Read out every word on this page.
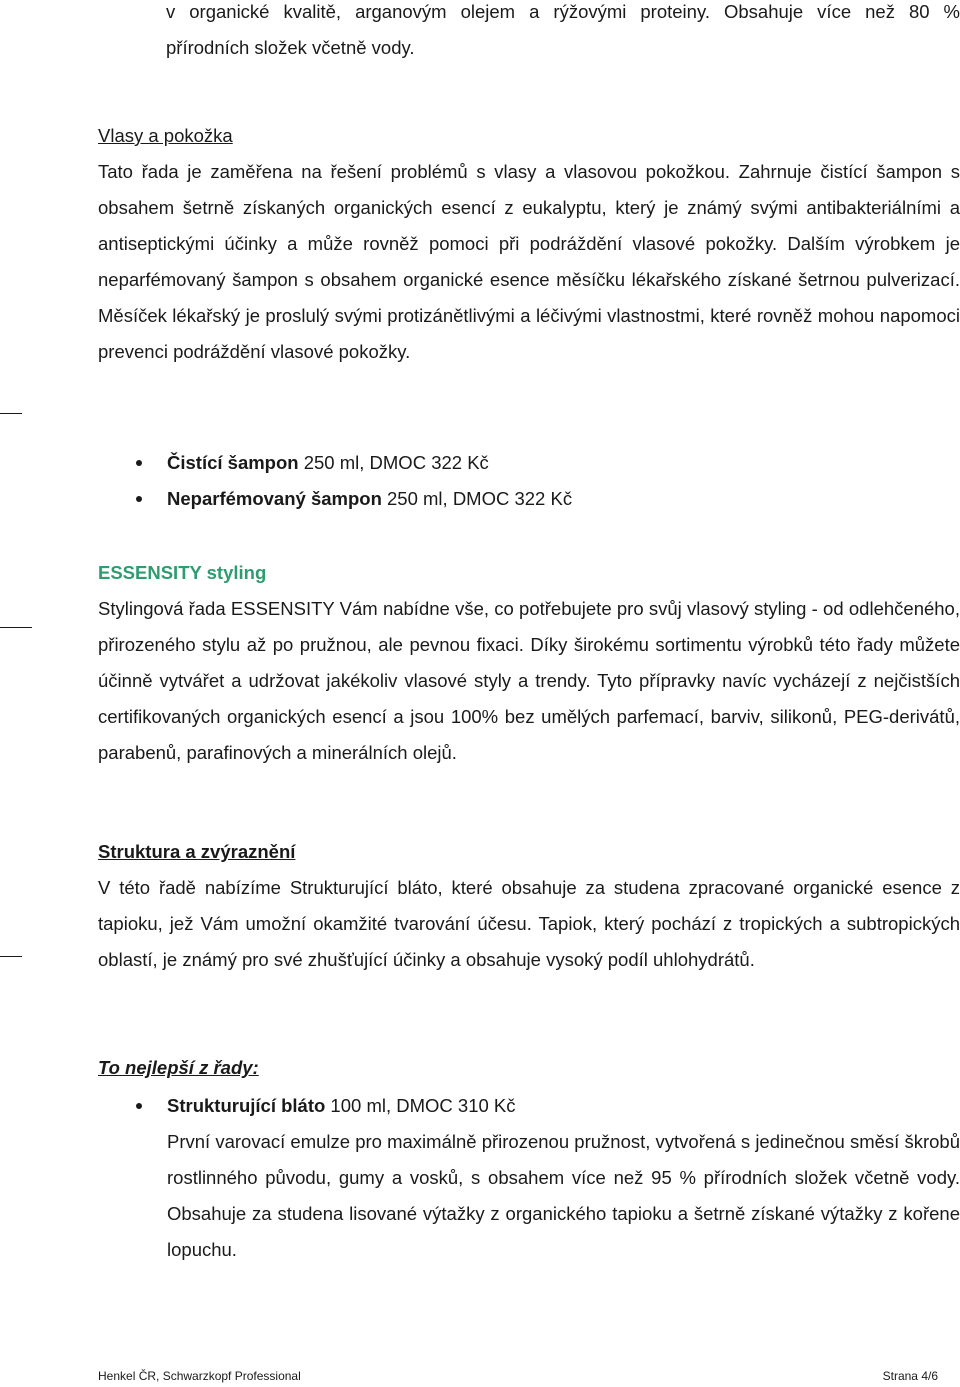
v organické kvalitě, arganovým olejem a rýžovými proteiny. Obsahuje více než 80 %

přírodních složek včetně vody.

Vlasy a pokožka

Tato řada je zaměřena na řešení problémů s vlasy a vlasovou pokožkou. Zahrnuje čistící šampon s obsahem šetrně získaných organických esencí z eukalyptu, který je známý svými antibakteriálními a antiseptickými účinky a může rovněž pomoci při podráždění vlasové pokožky. Dalším výrobkem je neparfémovaný šampon s obsahem organické esence měsíčku lékařského získané šetrnou pulverizací. Měsíček lékařský je proslulý svými protizánětlivými a léčivými vlastnostmi, které rovněž mohou napomoci prevenci podráždění vlasové pokožky.

Čistící šampon 250 ml, DMOC 322 Kč
Neparfémovaný šampon 250 ml, DMOC 322 Kč

ESSENSITY styling

Stylingová řada ESSENSITY Vám nabídne vše, co potřebujete pro svůj vlasový styling - od odlehčeného, přirozeného stylu až po pružnou, ale pevnou fixaci. Díky širokému sortimentu výrobků této řady můžete účinně vytvářet a udržovat jakékoliv vlasové styly a trendy. Tyto přípravky navíc vycházejí z nejčistších certifikovaných organických esencí a jsou 100% bez umělých parfemací, barviv, silikonů, PEG-derivátů, parabenů, parafinových a minerálních olejů.

Struktura a zvýraznění

V této řadě nabízíme Strukturující bláto, které obsahuje za studena zpracované organické esence z tapioku, jež Vám umožní okamžité tvarování účesu. Tapiok, který pochází z tropických a subtropických oblastí, je známý pro své zhušťující účinky a obsahuje vysoký podíl uhlohydrátů.

To nejlepší z řady:

Strukturující bláto 100 ml, DMOC 310 Kč

První varovací emulze pro maximálně přirozenou pružnost, vytvořená s jedinečnou směsí škrobů rostlinného původu, gumy a vosků, s obsahem více než 95 % přírodních složek včetně vody. Obsahuje za studena lisované výtažky z organického tapioku a šetrně získané výtažky z kořene lopuchu.

Henkel ČR, Schwarzkopf Professional	Strana 4/6
